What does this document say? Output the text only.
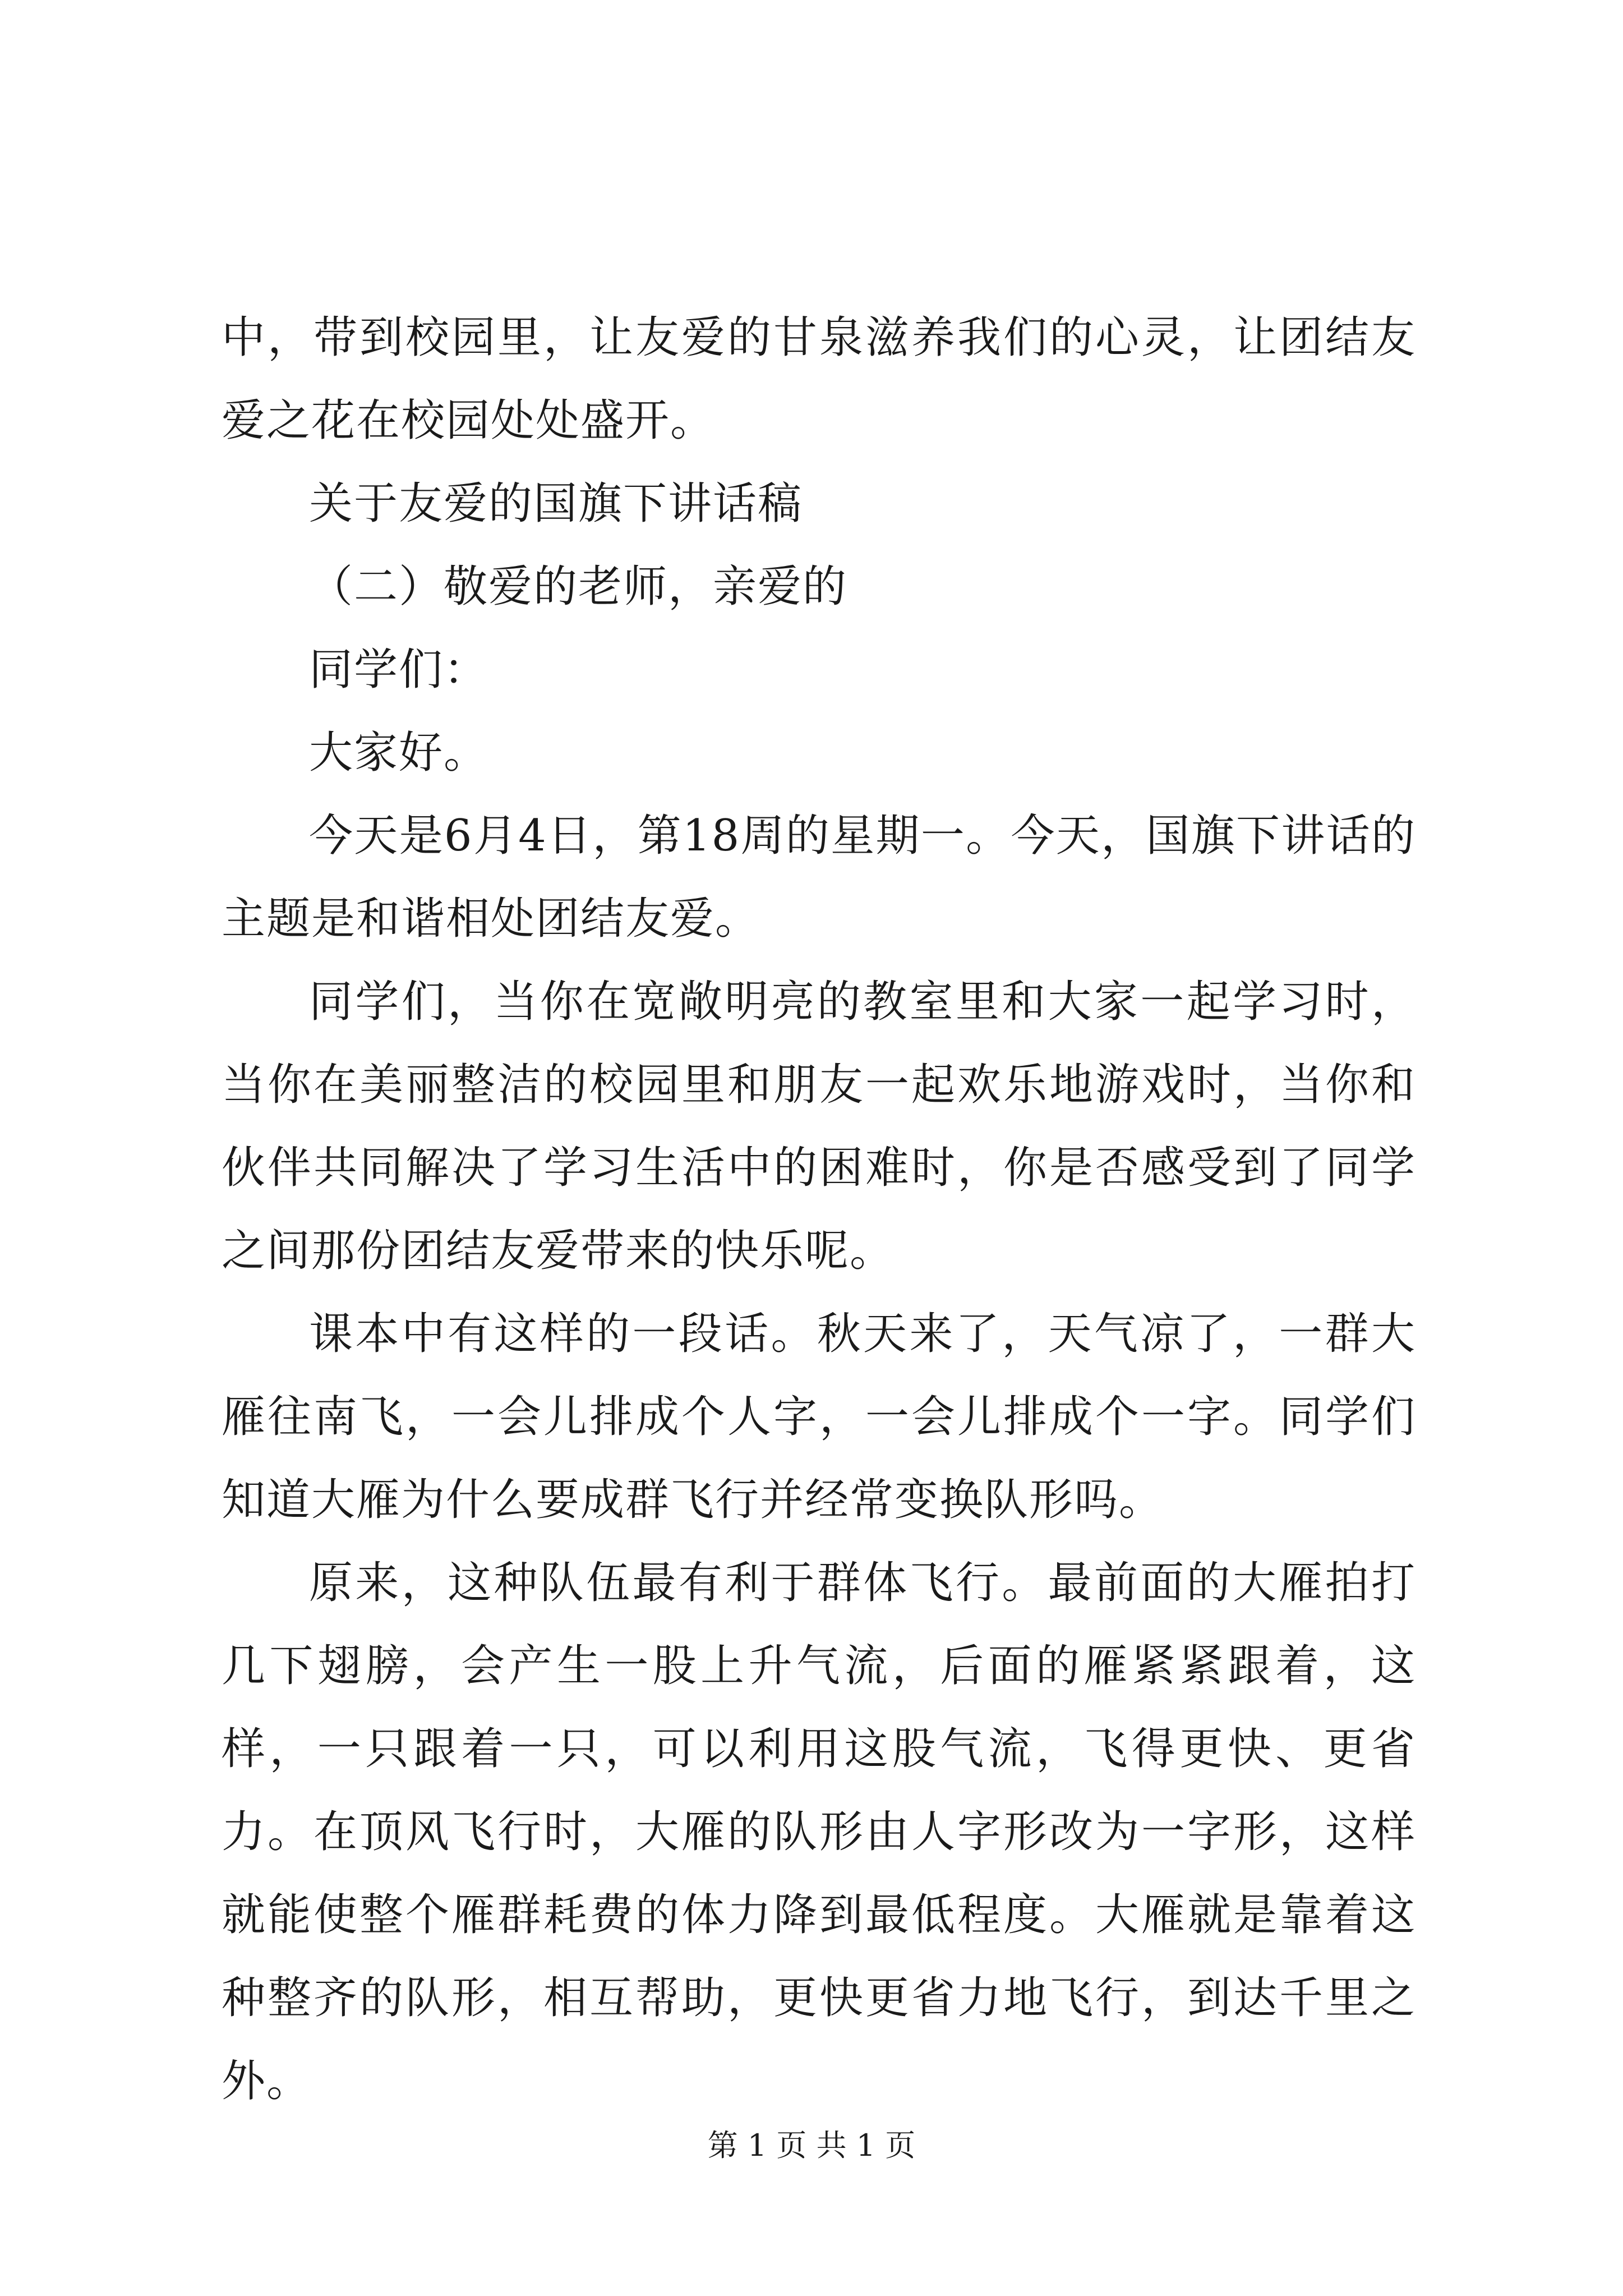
中，带到校园里，让友爱的甘泉滋养我们的心灵，让团结友爱之花在校园处处盛开。

关于友爱的国旗下讲话稿

（二）敬爱的老师，亲爱的

同学们：

大家好。

今天是6月4日，第18周的星期一。今天，国旗下讲话的主题是和谐相处团结友爱。

同学们，当你在宽敞明亮的教室里和大家一起学习时，当你在美丽整洁的校园里和朋友一起欢乐地游戏时，当你和伙伴共同解决了学习生活中的困难时，你是否感受到了同学之间那份团结友爱带来的快乐呢。

课本中有这样的一段话。秋天来了，天气凉了，一群大雁往南飞，一会儿排成个人字，一会儿排成个一字。同学们知道大雁为什么要成群飞行并经常变换队形吗。

原来，这种队伍最有利于群体飞行。最前面的大雁拍打几下翅膀，会产生一股上升气流，后面的雁紧紧跟着，这样，一只跟着一只，可以利用这股气流，飞得更快、更省力。在顶风飞行时，大雁的队形由人字形改为一字形，这样就能使整个雁群耗费的体力降到最低程度。大雁就是靠着这种整齐的队形，相互帮助，更快更省力地飞行，到达千里之外。

第 1 页 共 1 页
